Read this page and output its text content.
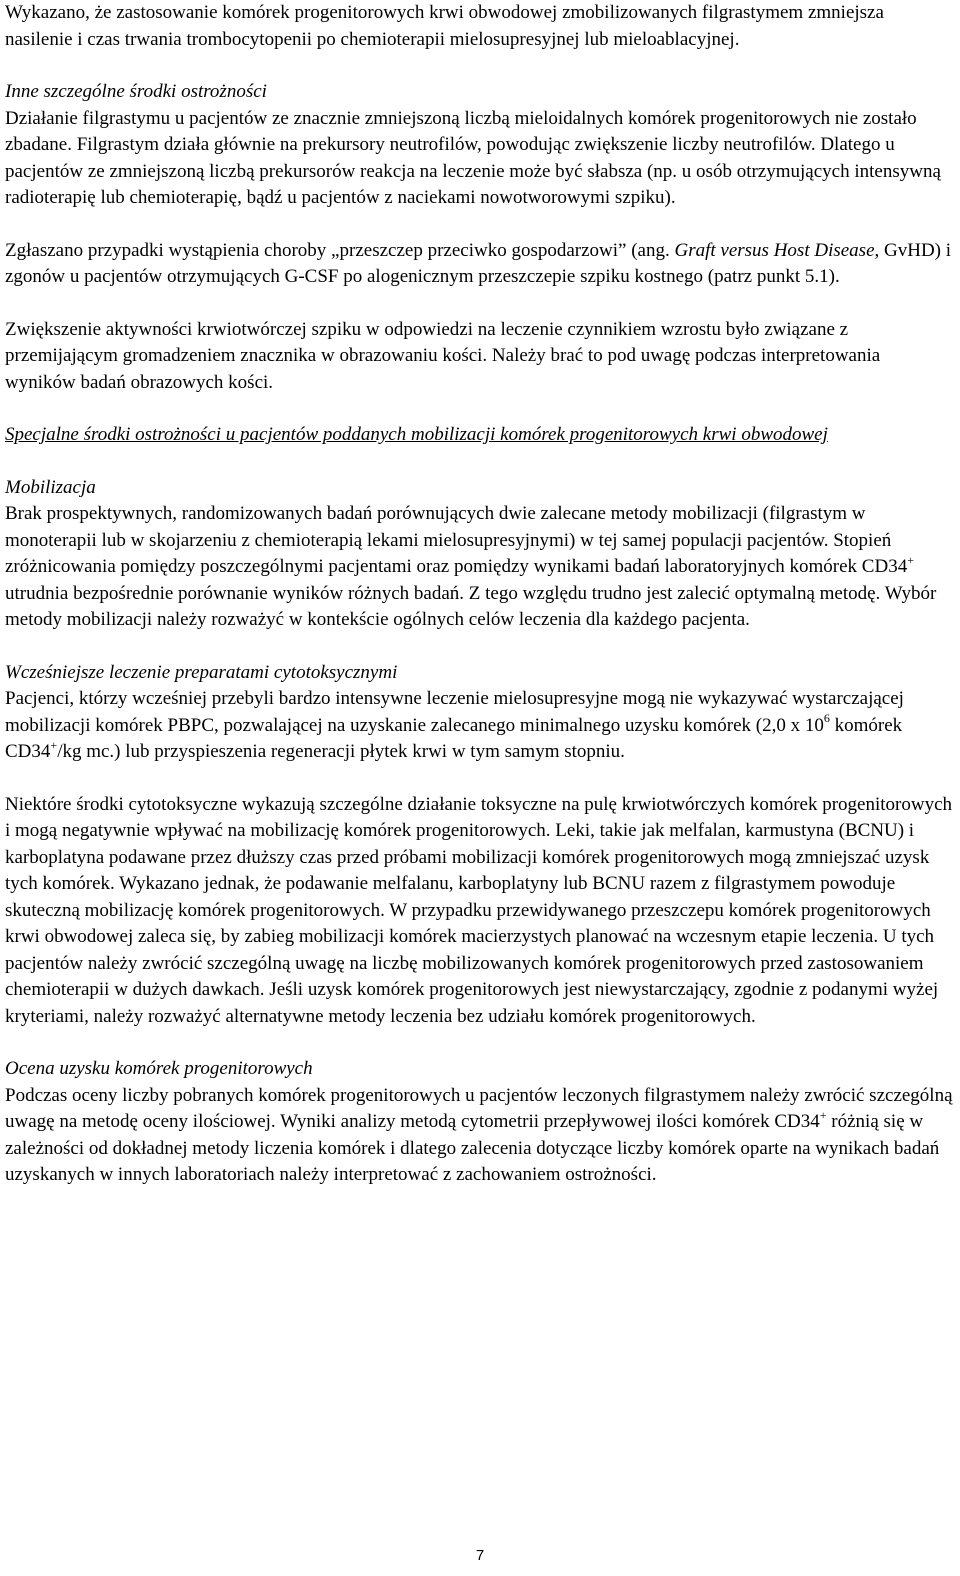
Wykazano, że zastosowanie komórek progenitorowych krwi obwodowej zmobilizowanych filgrastymem zmniejsza nasilenie i czas trwania trombocytopenii po chemioterapii mielosupresyjnej lub mieloablacyjnej.

Inne szczególne środki ostrożności

Działanie filgrastymu u pacjentów ze znacznie zmniejszoną liczbą mieloidalnych komórek progenitorowych nie zostało zbadane. Filgrastym działa głównie na prekursory neutrofilów, powodując zwiększenie liczby neutrofilów. Dlatego u pacjentów ze zmniejszoną liczbą prekursorów reakcja na leczenie może być słabsza (np. u osób otrzymujących intensywną radioterapię lub chemioterapię, bądź u pacjentów z naciekami nowotworowymi szpiku).

Zgłaszano przypadki wystąpienia choroby „przeszczep przeciwko gospodarzowi” (ang. Graft versus Host Disease, GvHD) i zgonów u pacjentów otrzymujących G-CSF po alogenicznym przeszczepie szpiku kostnego (patrz punkt 5.1).

Zwiększenie aktywności krwiotwórczej szpiku w odpowiedzi na leczenie czynnikiem wzrostu było związane z przemijającym gromadzeniem znacznika w obrazowaniu kości. Należy brać to pod uwagę podczas interpretowania wyników badań obrazowych kości.

Specjalne środki ostrożności u pacjentów poddanych mobilizacji komórek progenitorowych krwi obwodowej

Mobilizacja

Brak prospektywnych, randomizowanych badań porównujących dwie zalecane metody mobilizacji (filgrastym w monoterapii lub w skojarzeniu z chemioterapią lekami mielosupresyjnymi) w tej samej populacji pacjentów. Stopień zróżnicowania pomiędzy poszczególnymi pacjentami oraz pomiędzy wynikami badań laboratoryjnych komórek CD34+ utrudnia bezpośrednie porównanie wyników różnych badań. Z tego względu trudno jest zalecić optymalną metodę. Wybór metody mobilizacji należy rozważyć w kontekście ogólnych celów leczenia dla każdego pacjenta.

Wcześniejsze leczenie preparatami cytotoksycznymi

Pacjenci, którzy wcześniej przebyli bardzo intensywne leczenie mielosupresyjne mogą nie wykazywać wystarczającej mobilizacji komórek PBPC, pozwalającej na uzyskanie zalecanego minimalnego uzysku komórek (2,0 x $10^6$ komórek CD34+/kg mc.) lub przyspieszenia regeneracji płytek krwi w tym samym stopniu.

Niektóre środki cytotoksyczne wykazują szczególne działanie toksyczne na pulę krwiotwórczych komórek progenitorowych i mogą negatywnie wpływać na mobilizację komórek progenitorowych. Leki, takie jak melfalan, karmustyna (BCNU) i karboplatyna podawane przez dłuższy czas przed próbami mobilizacji komórek progenitorowych mogą zmniejszać uzysk tych komórek. Wykazano jednak, że podawanie melfalanu, karboplatyny lub BCNU razem z filgrastymem powoduje skuteczną mobilizację komórek progenitorowych. W przypadku przewidywanego przeszczepu komórek progenitorowych krwi obwodowej zaleca się, by zabieg mobilizacji komórek macierzystych planować na wczesnym etapie leczenia. U tych pacjentów należy zwrócić szczególną uwagę na liczbę mobilizowanych komórek progenitorowych przed zastosowaniem chemioterapii w dużych dawkach. Jeśli uzysk komórek progenitorowych jest niewystarczający, zgodnie z podanymi wyżej kryteriami, należy rozważyć alternatywne metody leczenia bez udziału komórek progenitorowych.

Ocena uzysku komórek progenitorowych

Podczas oceny liczby pobranych komórek progenitorowych u pacjentów leczonych filgrastymem należy zwrócić szczególną uwagę na metodę oceny ilościowej. Wyniki analizy metodą cytometrii przepływowej ilości komórek CD34+ różnią się w zależności od dokładnej metody liczenia komórek i dlatego zalecenia dotyczące liczby komórek oparte na wynikach badań uzyskanych w innych laboratoriach należy interpretować z zachowaniem ostrożności.

7
